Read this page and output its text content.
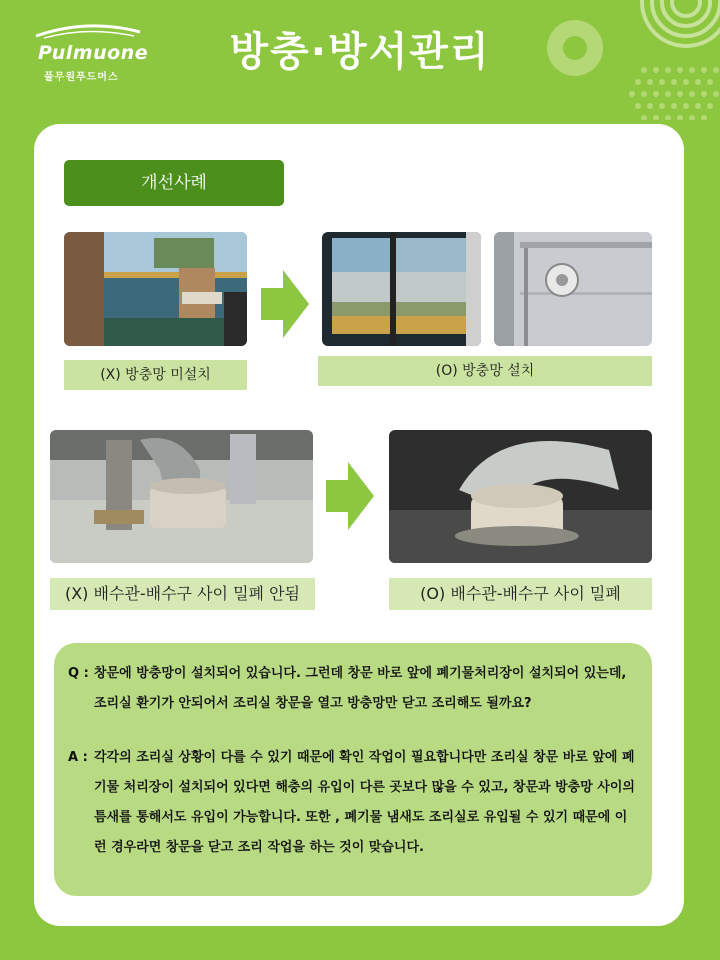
Pulmuone
풀무원푸드머스
방충·방서관리
개선사례
(X) 방충망 미설치	(O) 방충망 설치
(X) 배수관-배수구 사이 밀폐 안됨	(O) 배수관-배수구 사이 밀폐

Q : 창문에 방충망이 설치되어 있습니다. 그런데 창문 바로 앞에 폐기물처리장이 설치되어 있는데, 조리실 환기가 안되어서 조리실 창문을 열고 방충망만 닫고 조리해도 될까요?

A : 각각의 조리실 상황이 다를 수 있기 때문에 확인 작업이 필요합니다만 조리실 창문 바로 앞에 폐기물 처리장이 설치되어 있다면 해충의 유입이 다른 곳보다 많을 수 있고, 창문과 방충망 사이의 틈새를 통해서도 유입이 가능합니다. 또한 , 폐기물 냄새도 조리실로 유입될 수 있기 때문에 이런 경우라면 창문을 닫고 조리 작업을 하는 것이 맞습니다.
